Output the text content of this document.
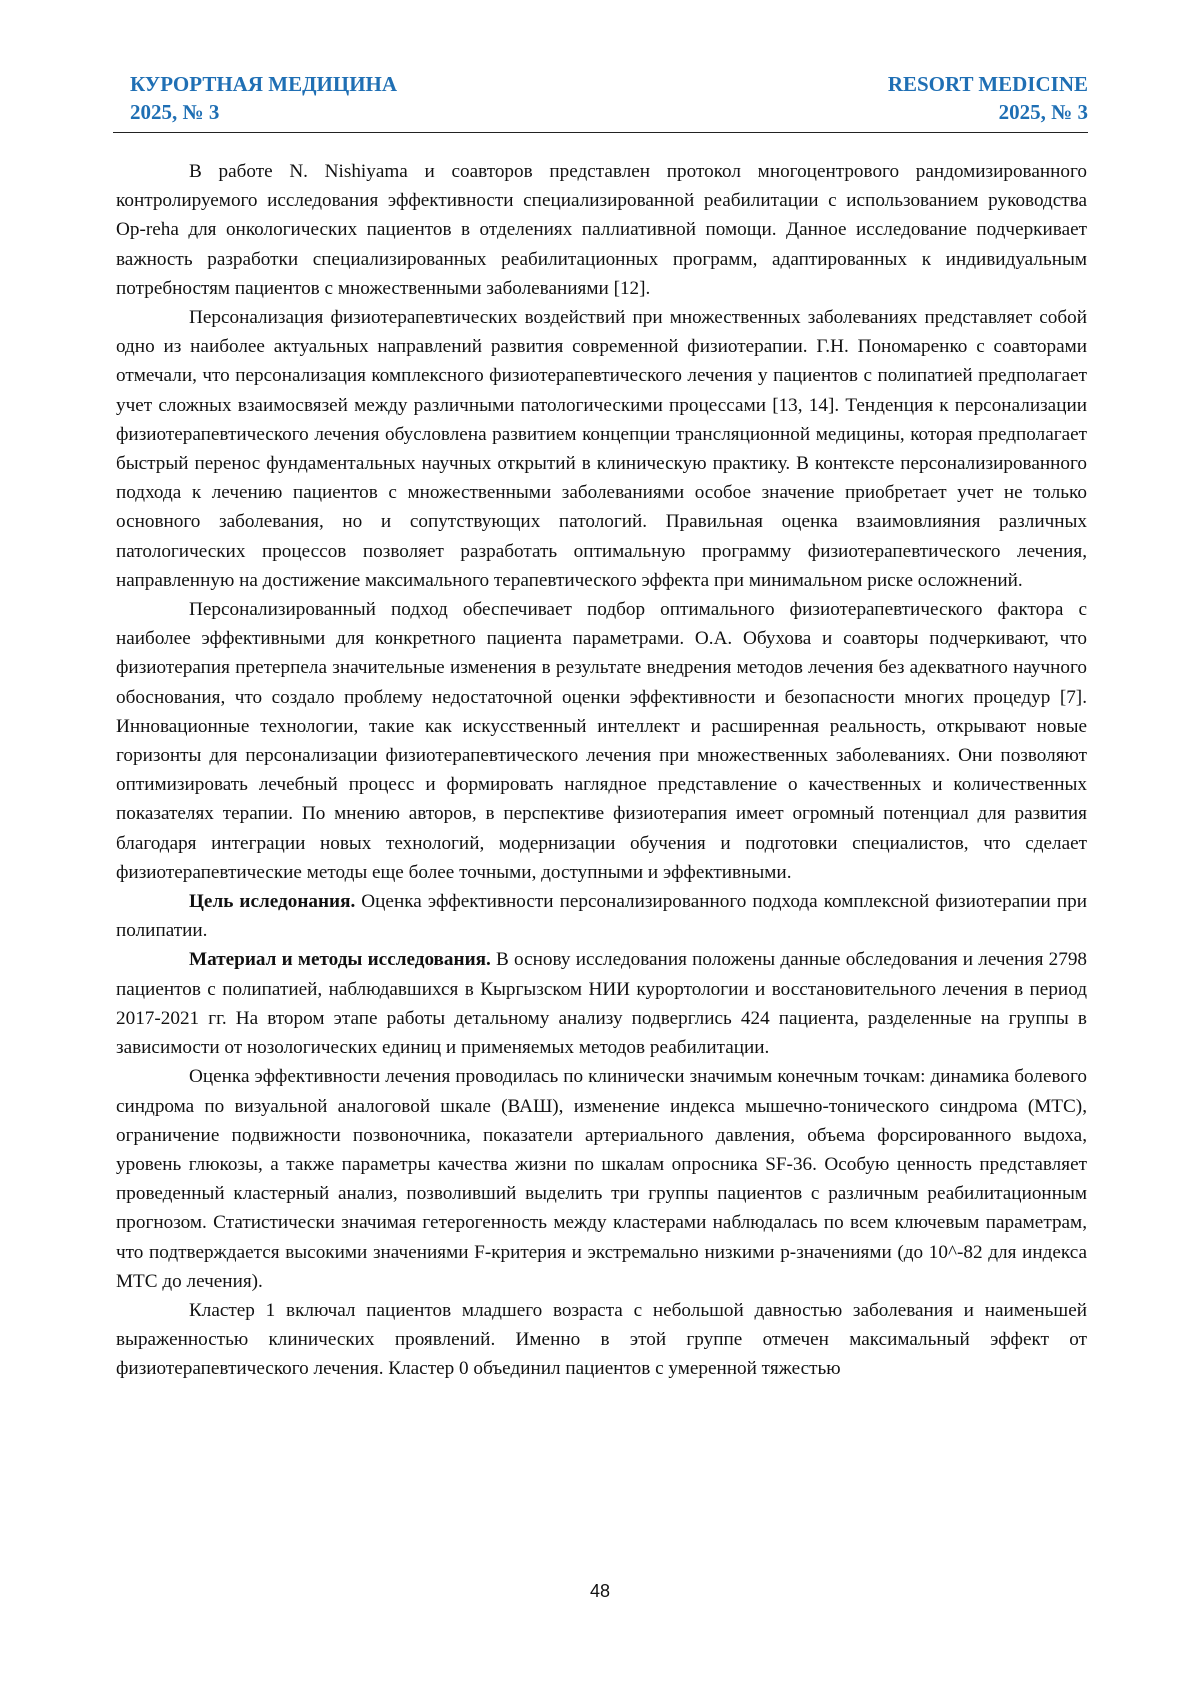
КУРОРТНАЯ МЕДИЦИНА
2025, № 3
RESORT MEDICINE
2025, № 3

В работе N. Nishiyama и соавторов представлен протокол многоцентрового рандомизированного контролируемого исследования эффективности специализированной реабилитации с использованием руководства Op-reha для онкологических пациентов в отделениях паллиативной помощи. Данное исследование подчеркивает важность разработки специализированных реабилитационных программ, адаптированных к индивидуальным потребностям пациентов с множественными заболеваниями [12].

Персонализация физиотерапевтических воздействий при множественных заболеваниях представляет собой одно из наиболее актуальных направлений развития современной физиотерапии. Г.Н. Пономаренко с соавторами отмечали, что персонализация комплексного физиотерапевтического лечения у пациентов с полипатией предполагает учет сложных взаимосвязей между различными патологическими процессами [13, 14]. Тенденция к персонализации физиотерапевтического лечения обусловлена развитием концепции трансляционной медицины, которая предполагает быстрый перенос фундаментальных научных открытий в клиническую практику. В контексте персонализированного подхода к лечению пациентов с множественными заболеваниями особое значение приобретает учет не только основного заболевания, но и сопутствующих патологий. Правильная оценка взаимовлияния различных патологических процессов позволяет разработать оптимальную программу физиотерапевтического лечения, направленную на достижение максимального терапевтического эффекта при минимальном риске осложнений.

Персонализированный подход обеспечивает подбор оптимального физиотерапевтического фактора с наиболее эффективными для конкретного пациента параметрами. О.А. Обухова и соавторы подчеркивают, что физиотерапия претерпела значительные изменения в результате внедрения методов лечения без адекватного научного обоснования, что создало проблему недостаточной оценки эффективности и безопасности многих процедур [7]. Инновационные технологии, такие как искусственный интеллект и расширенная реальность, открывают новые горизонты для персонализации физиотерапевтического лечения при множественных заболеваниях. Они позволяют оптимизировать лечебный процесс и формировать наглядное представление о качественных и количественных показателях терапии. По мнению авторов, в перспективе физиотерапия имеет огромный потенциал для развития благодаря интеграции новых технологий, модернизации обучения и подготовки специалистов, что сделает физиотерапевтические методы еще более точными, доступными и эффективными.

Цель иследонания. Оценка эффективности персонализированного подхода комплексной физиотерапии при полипатии.

Материал и методы исследования. В основу исследования положены данные обследования и лечения 2798 пациентов с полипатией, наблюдавшихся в Кыргызском НИИ курортологии и восстановительного лечения в период 2017-2021 гг. На втором этапе работы детальному анализу подверглись 424 пациента, разделенные на группы в зависимости от нозологических единиц и применяемых методов реабилитации.

Оценка эффективности лечения проводилась по клинически значимым конечным точкам: динамика болевого синдрома по визуальной аналоговой шкале (ВАШ), изменение индекса мышечно-тонического синдрома (МТС), ограничение подвижности позвоночника, показатели артериального давления, объема форсированного выдоха, уровень глюкозы, а также параметры качества жизни по шкалам опросника SF-36. Особую ценность представляет проведенный кластерный анализ, позволивший выделить три группы пациентов с различным реабилитационным прогнозом. Статистически значимая гетерогенность между кластерами наблюдалась по всем ключевым параметрам, что подтверждается высокими значениями F-критерия и экстремально низкими p-значениями (до 10^-82 для индекса МТС до лечения).

Кластер 1 включал пациентов младшего возраста с небольшой давностью заболевания и наименьшей выраженностью клинических проявлений. Именно в этой группе отмечен максимальный эффект от физиотерапевтического лечения. Кластер 0 объединил пациентов с умеренной тяжестью

48
